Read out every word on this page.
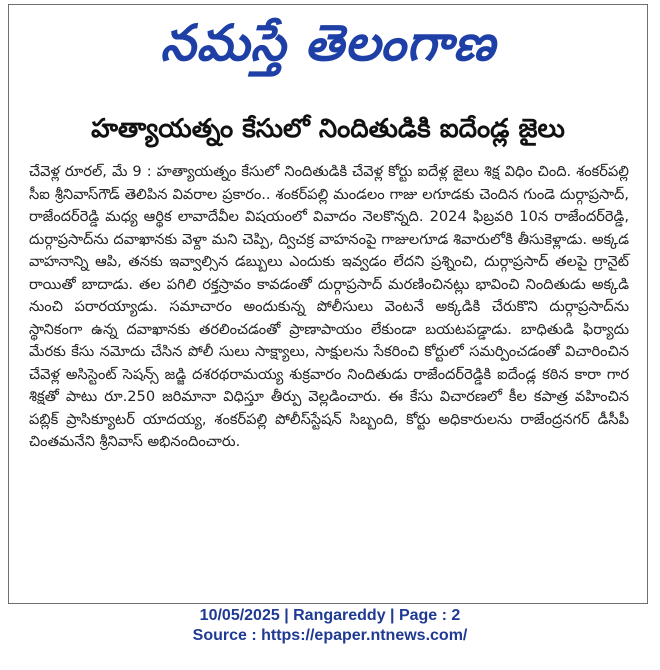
నమస్తే తెలంగాణ
హత్యాయత్నం కేసులో నిందితుడికి ఐదేండ్ల జైలు

చేవెళ్ల రూరల్, మే 9 : హత్యాయత్నం కేసులో నిందితుడికి చేవెళ్ల కోర్టు ఐదేళ్ల జైలు శిక్ష విధిం చింది. శంకర్‌పల్లి సీఐ శ్రీనివాస్‌గౌడ్ తెలిపిన వివరాల ప్రకారం.. శంకర్‌పల్లి మండలం గాజు లగూడకు చెందిన గుండె దుర్గాప్రసాద్, రాజేందర్‌రెడ్డి మధ్య ఆర్థిక లావాదేవీల విషయంలో వివాదం నెలకొన్నది. 2024 ఫిబ్రవరి 10న రాజేందర్‌రెడ్డి, దుర్గాప్రసాద్‌ను దవాఖానకు వెళ్దా మని చెప్పి, ద్విచక్ర వాహనంపై గాజులగూడ శివారులోకి తీసుకెళ్లాడు. అక్కడ వాహనాన్ని ఆపి, తనకు ఇవ్వాల్సిన డబ్బులు ఎందుకు ఇవ్వడం లేదని ప్రశ్నించి, దుర్గాప్రసాద్ తలపై గ్రానైట్ రాయితో బాదాడు. తల పగిలి రక్తస్రావం కావడంతో దుర్గాప్రసాద్ మరణించినట్లు భావించి నిందితుడు అక్కడి నుంచి పరారయ్యాడు. సమాచారం అందుకున్న పోలీసులు వెంటనే అక్కడికి చేరుకొని దుర్గాప్రసాద్‌ను స్థానికంగా ఉన్న దవాఖానకు తరలించడంతో ప్రాణాపాయం లేకుండా బయటపడ్డాడు. బాధితుడి ఫిర్యాదు మేరకు కేసు నమోదు చేసిన పోలీ సులు సాక్ష్యాలు, సాక్షులను సేకరించి కోర్టులో సమర్పించడంతో విచారించిన చేవెళ్ల అసిస్టెంట్ సెషన్స్ జడ్జి దశరథరామయ్య శుక్రవారం నిందితుడు రాజేందర్‌రెడ్డికి ఐదేండ్ల కఠిన కారా గార శిక్షతో పాటు రూ.250 జరిమానా విధిస్తూ తీర్పు వెల్లడించారు. ఈ కేసు విచారణలో కీల కపాత్ర వహించిన పబ్లిక్ ప్రాసిక్యూటర్ యాదయ్య, శంకర్‌పల్లి పోలీస్‌స్టేషన్ సిబ్బంది, కోర్టు అధికారులను రాజేంద్రనగర్ డీసీపీ చింతమనేని శ్రీనివాస్ అభినందించారు.

10/05/2025 | Rangareddy | Page : 2
Source : https://epaper.ntnews.com/
